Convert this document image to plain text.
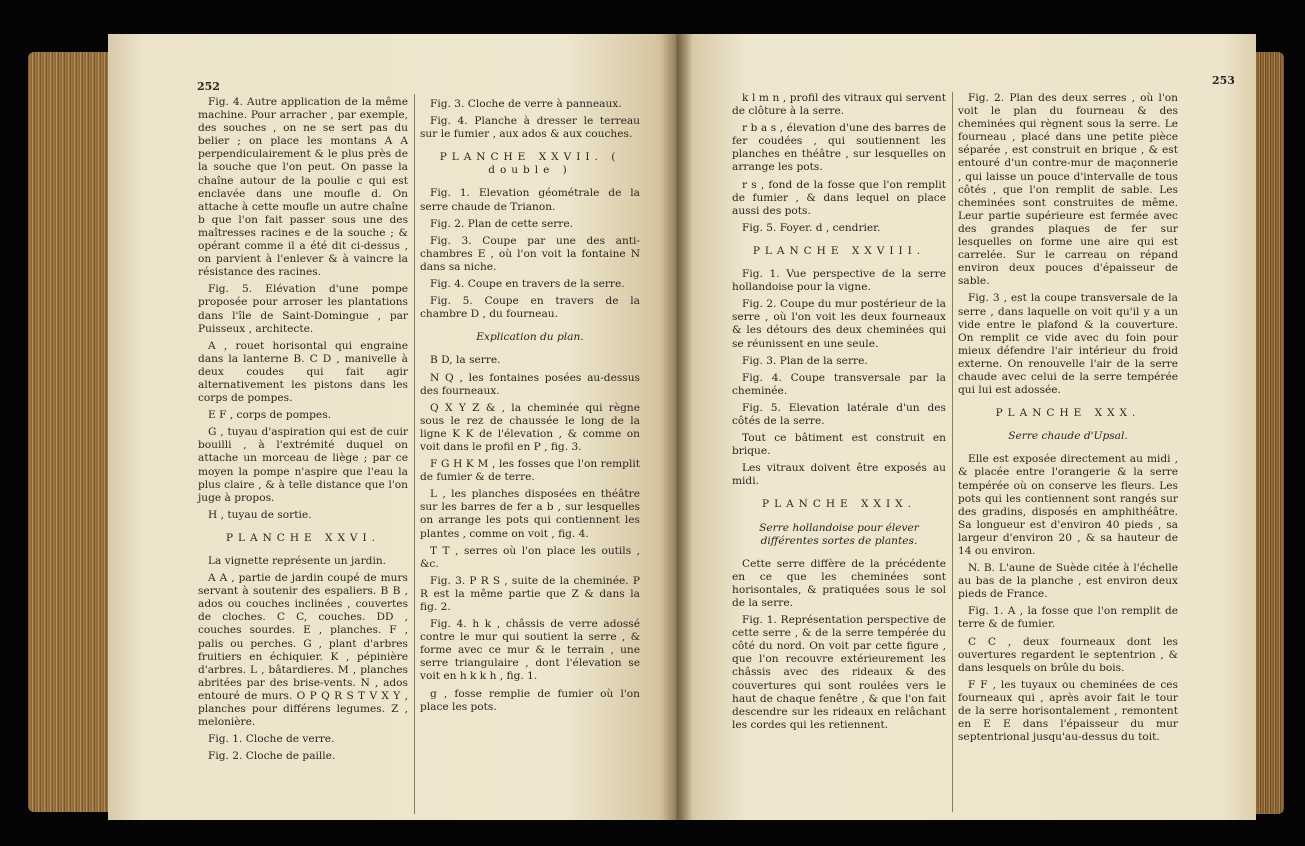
252

Fig. 4. Autre application de la même machine. Pour arracher , par exemple, des souches , on ne se sert pas du belier ; on place les montans A A perpendiculairement & le plus près de la souche que l'on peut. On passe la chaîne autour de la poulie c qui est enclavée dans une moufle d. On attache à cette moufle un autre chaîne b que l'on fait passer sous une des maîtresses racines e de la souche ; & opérant comme il a été dit ci-dessus , on parvient à l'enlever & à vaincre la résistance des racines.

Fig. 5. Elévation d'une pompe proposée pour arroser les plantations dans l'île de Saint-Domingue , par Puisseux , architecte.

A , rouet horisontal qui engraine dans la lanterne B. C D , manivelle à deux coudes qui fait agir alternativement les pistons dans les corps de pompes.

E F , corps de pompes.

G , tuyau d'aspiration qui est de cuir bouilli , à l'extrémité duquel on attache un morceau de liège ; par ce moyen la pompe n'aspire que l'eau la plus claire , & à telle distance que l'on juge à propos.

H , tuyau de sortie.

PLANCHE XXVI.

La vignette représente un jardin.

A A , partie de jardin coupé de murs servant à soutenir des espaliers. B B , ados ou couches inclinées , couvertes de cloches. C C, couches. DD , couches sourdes. E , planches. F , palis ou perches. G , plant d'arbres fruitiers en échiquier. K , pépinière d'arbres. L , bâtardieres. M , planches abritées par des brise-vents. N , ados entouré de murs. O P Q R S T V X Y , planches pour différens legumes. Z , melonière.

Fig. 1. Cloche de verre.

Fig. 2. Cloche de paille.

Fig. 3. Cloche de verre à panneaux.

Fig. 4. Planche à dresser le terreau sur le fumier , aux ados & aux couches.

PLANCHE XXVII. ( double )

Fig. 1. Elevation géométrale de la serre chaude de Trianon.

Fig. 2. Plan de cette serre.

Fig. 3. Coupe par une des anti-chambres E , où l'on voit la fontaine N dans sa niche.

Fig. 4. Coupe en travers de la serre.

Fig. 5. Coupe en travers de la chambre D , du fourneau.

Explication du plan.

B D, la serre.

N Q , les fontaines posées au-dessus des fourneaux.

Q X Y Z & , la cheminée qui règne sous le rez de chaussée le long de la ligne K K de l'élevation , & comme on voit dans le profil en P , fig. 3.

F G H K M , les fosses que l'on remplit de fumier & de terre.

L , les planches disposées en théâtre sur les barres de fer a b , sur lesquelles on arrange les pots qui contiennent les plantes , comme on voit , fig. 4.

T T , serres où l'on place les outils , &c.

Fig. 3. P R S , suite de la cheminée. P R est la même partie que Z & dans la fig. 2.

Fig. 4. h k , châssis de verre adossé contre le mur qui soutient la serre , & forme avec ce mur & le terrain , une serre triangulaire , dont l'élevation se voit en h k k h , fig. 1.

g , fosse remplie de fumier où l'on place les pots.

253

k l m n , profil des vitraux qui servent de clôture à la serre.

r b a s , élevation d'une des barres de fer coudées , qui soutiennent les planches en théâtre , sur lesquelles on arrange les pots.

r s , fond de la fosse que l'on remplit de fumier , & dans lequel on place aussi des pots.

Fig. 5. Foyer. d , cendrier.

PLANCHE XXVIII.

Fig. 1. Vue perspective de la serre hollandoise pour la vigne.

Fig. 2. Coupe du mur postérieur de la serre , où l'on voit les deux fourneaux & les détours des deux cheminées qui se réunissent en une seule.

Fig. 3. Plan de la serre.

Fig. 4. Coupe transversale par la cheminée.

Fig. 5. Elevation latérale d'un des côtés de la serre.

Tout ce bâtiment est construit en brique.

Les vitraux doivent être exposés au midi.

PLANCHE XXIX.
Serre hollandoise pour élever différentes sortes de plantes.

Cette serre diffère de la précédente en ce que les cheminées sont horisontales, & pratiquées sous le sol de la serre.

Fig. 1. Représentation perspective de cette serre , & de la serre tempérée du côté du nord. On voit par cette figure , que l'on recouvre extérieurement les châssis avec des rideaux & des couvertures qui sont roulées vers le haut de chaque fenêtre , & que l'on fait descendre sur les rideaux en relâchant les cordes qui les retiennent.

Fig. 2. Plan des deux serres , où l'on voit le plan du fourneau & des cheminées qui règnent sous la serre. Le fourneau , placé dans une petite pièce séparée , est construit en brique , & est entouré d'un contre-mur de maçonnerie , qui laisse un pouce d'intervalle de tous côtés , que l'on remplit de sable. Les cheminées sont construites de même. Leur partie supérieure est fermée avec des grandes plaques de fer sur lesquelles on forme une aire qui est carrelée. Sur le carreau on répand environ deux pouces d'épaisseur de sable.

Fig. 3 , est la coupe transversale de la serre , dans laquelle on voit qu'il y a un vide entre le plafond & la couverture. On remplit ce vide avec du foin pour mieux défendre l'air intérieur du froid externe. On renouvelle l'air de la serre chaude avec celui de la serre tempérée qui lui est adossée.

PLANCHE XXX.
Serre chaude d'Upsal.

Elle est exposée directement au midi , & placée entre l'orangerie & la serre tempérée où on conserve les fleurs. Les pots qui les contiennent sont rangés sur des gradins, disposés en amphithéâtre. Sa longueur est d'environ 40 pieds , sa largeur d'environ 20 , & sa hauteur de 14 ou environ.

N. B. L'aune de Suède citée à l'échelle au bas de la planche , est environ deux pieds de France.

Fig. 1. A , la fosse que l'on remplit de terre & de fumier.

C C , deux fourneaux dont les ouvertures regardent le septentrion , & dans lesquels on brûle du bois.

F F , les tuyaux ou cheminées de ces fourneaux qui , après avoir fait le tour de la serre horisontalement , remontent en E E dans l'épaisseur du mur septentrional jusqu'au-dessus du toit.
